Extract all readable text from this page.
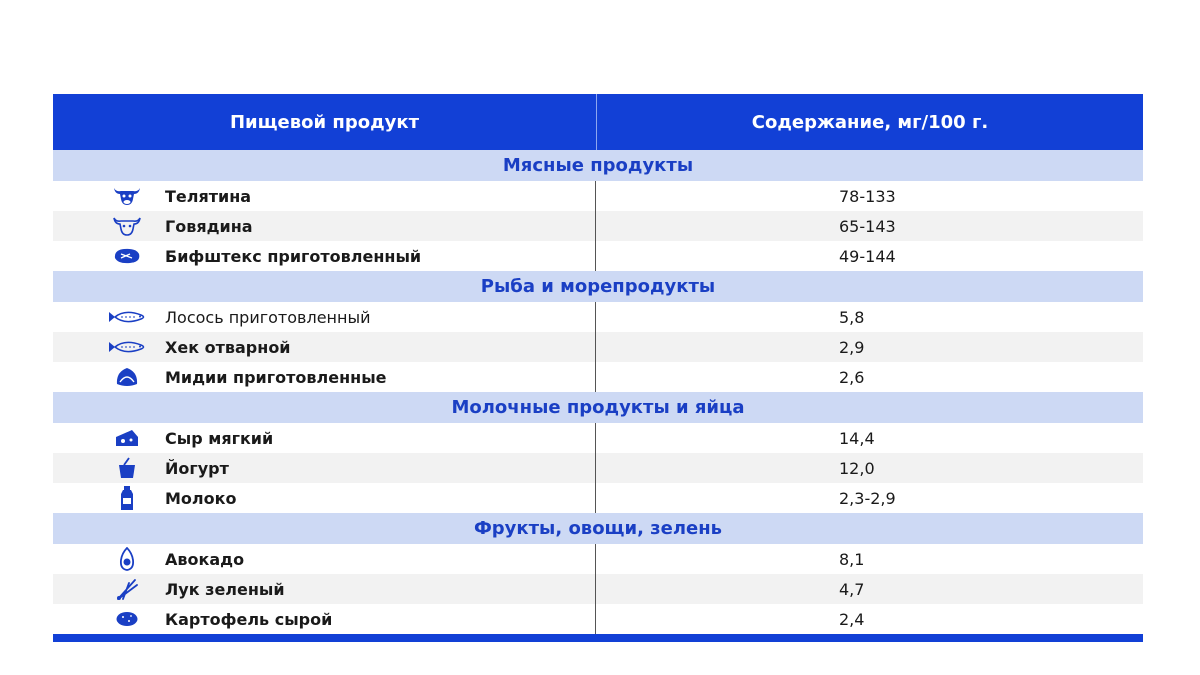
Пищевой продукт	Содержание, мг/100 г.
Мясные продукты
Телятина	78-133
Говядина	65-143
Бифштекс приготовленный	49-144
Рыба и морепродукты
Лосось приготовленный	5,8
Хек отварной	2,9
Мидии приготовленные	2,6
Молочные продукты и яйца
Сыр мягкий	14,4
Йогурт	12,0
Молоко	2,3-2,9
Фрукты, овощи, зелень
Авокадо	8,1
Лук зеленый	4,7
Картофель сырой	2,4
